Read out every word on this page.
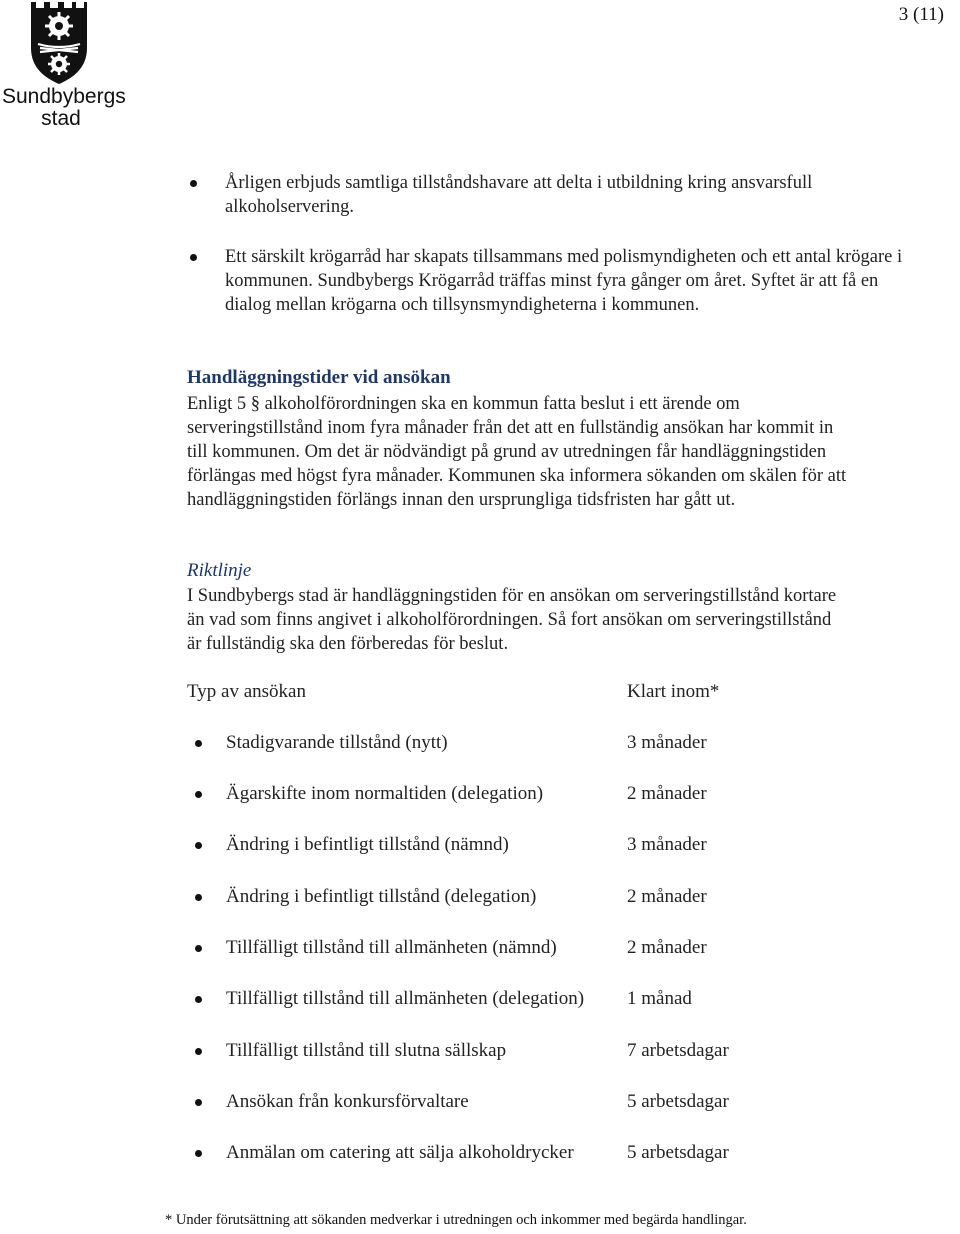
Sundbybergs
stad
3 (11)
Årligen erbjuds samtliga tillståndshavare att delta i utbildning kring ansvarsfull alkoholservering.
Ett särskilt krögarråd har skapats tillsammans med polismyndigheten och ett antal krögare i kommunen. Sundbybergs Krögarråd träffas minst fyra gånger om året. Syftet är att få en dialog mellan krögarna och tillsynsmyndigheterna i kommunen.
Handläggningstider vid ansökan
Enligt 5 § alkoholförordningen ska en kommun fatta beslut i ett ärende om serveringstillstånd inom fyra månader från det att en fullständig ansökan har kommit in till kommunen. Om det är nödvändigt på grund av utredningen får handläggningstiden förlängas med högst fyra månader. Kommunen ska informera sökanden om skälen för att handläggningstiden förlängs innan den ursprungliga tidsfristen har gått ut.
Riktlinje
I Sundbybergs stad är handläggningstiden för en ansökan om serveringstillstånd kortare än vad som finns angivet i alkoholförordningen. Så fort ansökan om serveringstillstånd är fullständig ska den förberedas för beslut.
Typ av ansökan	Klart inom*
Stadigvarande tillstånd (nytt)	3 månader
Ägarskifte inom normaltiden (delegation)	2 månader
Ändring i befintligt tillstånd (nämnd)	3 månader
Ändring i befintligt tillstånd (delegation)	2 månader
Tillfälligt tillstånd till allmänheten (nämnd)	2 månader
Tillfälligt tillstånd till allmänheten (delegation) 1 månad
Tillfälligt tillstånd till slutna sällskap	7 arbetsdagar
Ansökan från konkursförvaltare	5 arbetsdagar
Anmälan om catering att sälja alkoholdrycker	5 arbetsdagar
* Under förutsättning att sökanden medverkar i utredningen och inkommer med begärda handlingar.
